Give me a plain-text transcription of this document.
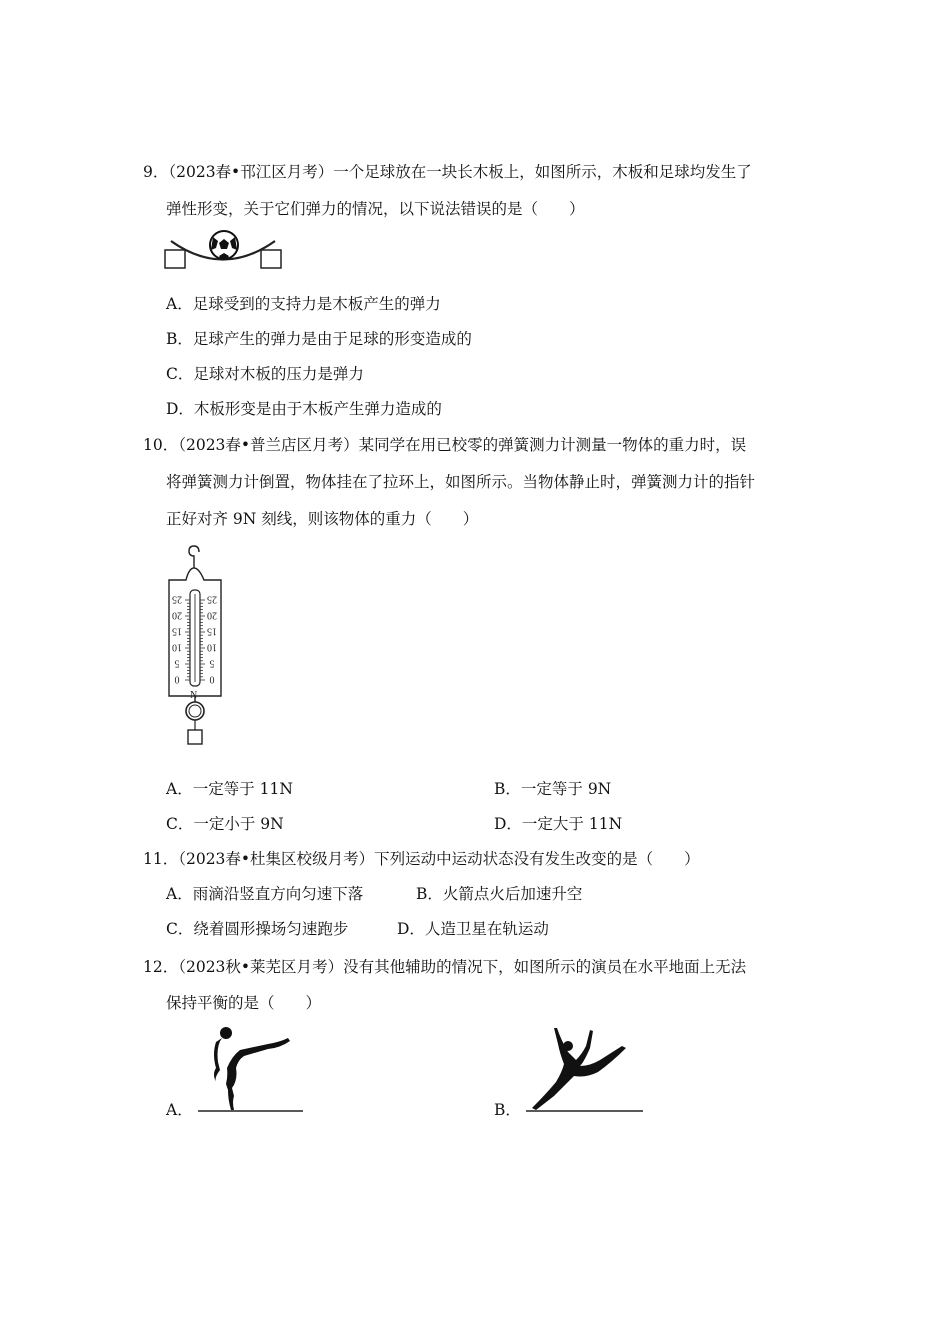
9．（2023春•邗江区月考）一个足球放在一块长木板上，如图所示，木板和足球均发生了
弹性形变，关于它们弹力的情况，以下说法错误的是（　　）
A．足球受到的支持力是木板产生的弹力
B．足球产生的弹力是由于足球的形变造成的
C．足球对木板的压力是弹力
D．木板形变是由于木板产生弹力造成的
10．（2023春•普兰店区月考）某同学在用已校零的弹簧测力计测量一物体的重力时，误
将弹簧测力计倒置，物体挂在了拉环上，如图所示。当物体静止时，弹簧测力计的指针
正好对齐 9N 刻线，则该物体的重力（　　）
0	0
5	5
10	10
15	15
20	20
25	25
N
A．一定等于 11N	B．一定等于 9N
C．一定小于 9N	D．一定大于 11N
11．（2023春•杜集区校级月考）下列运动中运动状态没有发生改变的是（　　）
A．雨滴沿竖直方向匀速下落	B．火箭点火后加速升空
C．绕着圆形操场匀速跑步	D．人造卫星在轨运动
12．（2023秋•莱芜区月考）没有其他辅助的情况下，如图所示的演员在水平地面上无法
保持平衡的是（　　）
A．	B．
